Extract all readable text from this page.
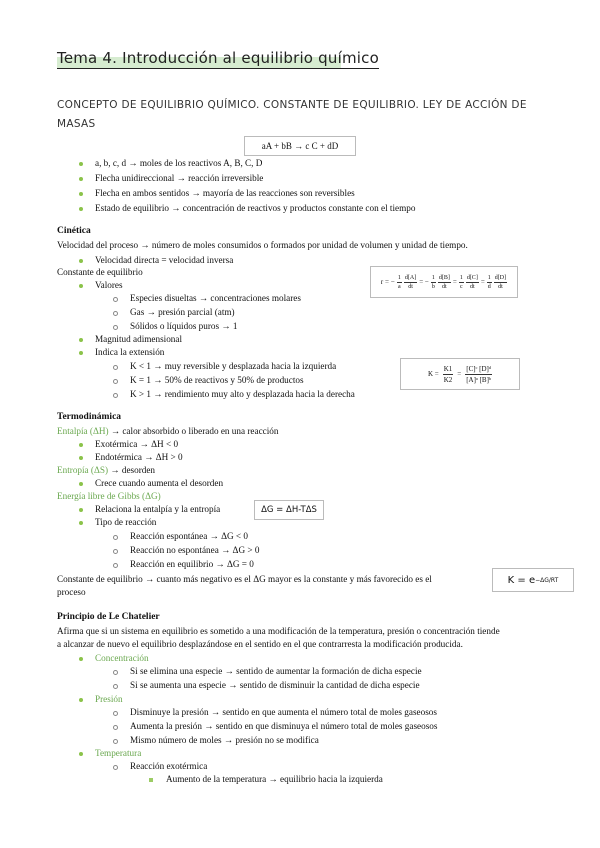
Tema 4. Introducción al equilibrio químico
CONCEPTO DE EQUILIBRIO QUÍMICO. CONSTANTE DE EQUILIBRIO. LEY DE ACCIÓN DE MASAS
aA + bB → c C + dD
a, b, c, d → moles de los reactivos A, B, C, D
Flecha unidireccional → reacción irreversible
Flecha en ambos sentidos → mayoría de las reacciones son reversibles
Estado de equilibrio → concentración de reactivos y productos constante con el tiempo
Cinética
Velocidad del proceso → número de moles consumidos o formados por unidad de volumen y unidad de tiempo.
Velocidad directa = velocidad inversa
Constante de equilibrio
Valores
Especies disueltas → concentraciones molares
Gas → presión parcial (atm)
Sólidos o líquidos puros → 1
Magnitud adimensional
Indica la extensión
K < 1 → muy reversible y desplazada hacia la izquierda
K = 1 → 50% de reactivos y 50% de productos
K > 1 → rendimiento muy alto y desplazada hacia la derecha
r = − $\frac{1}{a} \frac{d[A]}{dt}$ = − $\frac{1}{b} \frac{d[B]}{dt} = \frac{1}{c} \frac{d[C]}{dt} = \frac{1}{d} \frac{d[D]}{dt}$
$K = \frac{K1}{K2} = \frac{\text{[C]ᶜ [D]ᵈ}}{\text{[A]ᵃ [B]ᵇ}}$
Termodinámica
Entalpía (ΔH) → calor absorbido o liberado en una reacción
Exotérmica → ΔH < 0
Endotérmica → ΔH > 0
Entropía (ΔS) → desorden
Crece cuando aumenta el desorden
Energía libre de Gibbs (ΔG)
Relaciona la entalpía y la entropía
Tipo de reacción
Reacción espontánea → ΔG < 0
Reacción no espontánea → ΔG > 0
Reacción en equilibrio → ΔG = 0
ΔG = ΔH-TΔS
Constante de equilibrio → cuanto más negativo es el ΔG mayor es la constante y más favorecido es el
proceso
K = e −ΔG/RT
Principio de Le Chatelier
Afirma que si un sistema en equilibrio es sometido a una modificación de la temperatura, presión o concentración tiende
a alcanzar de nuevo el equilibrio desplazándose en el sentido en el que contrarresta la modificación producida.
Concentración
Si se elimina una especie → sentido de aumentar la formación de dicha especie
Si se aumenta una especie → sentido de disminuir la cantidad de dicha especie
Presión
Disminuye la presión → sentido en que aumenta el número total de moles gaseosos
Aumenta la presión → sentido en que disminuya el número total de moles gaseosos
Mismo número de moles → presión no se modifica
Temperatura
Reacción exotérmica
Aumento de la temperatura → equilibrio hacia la izquierda
